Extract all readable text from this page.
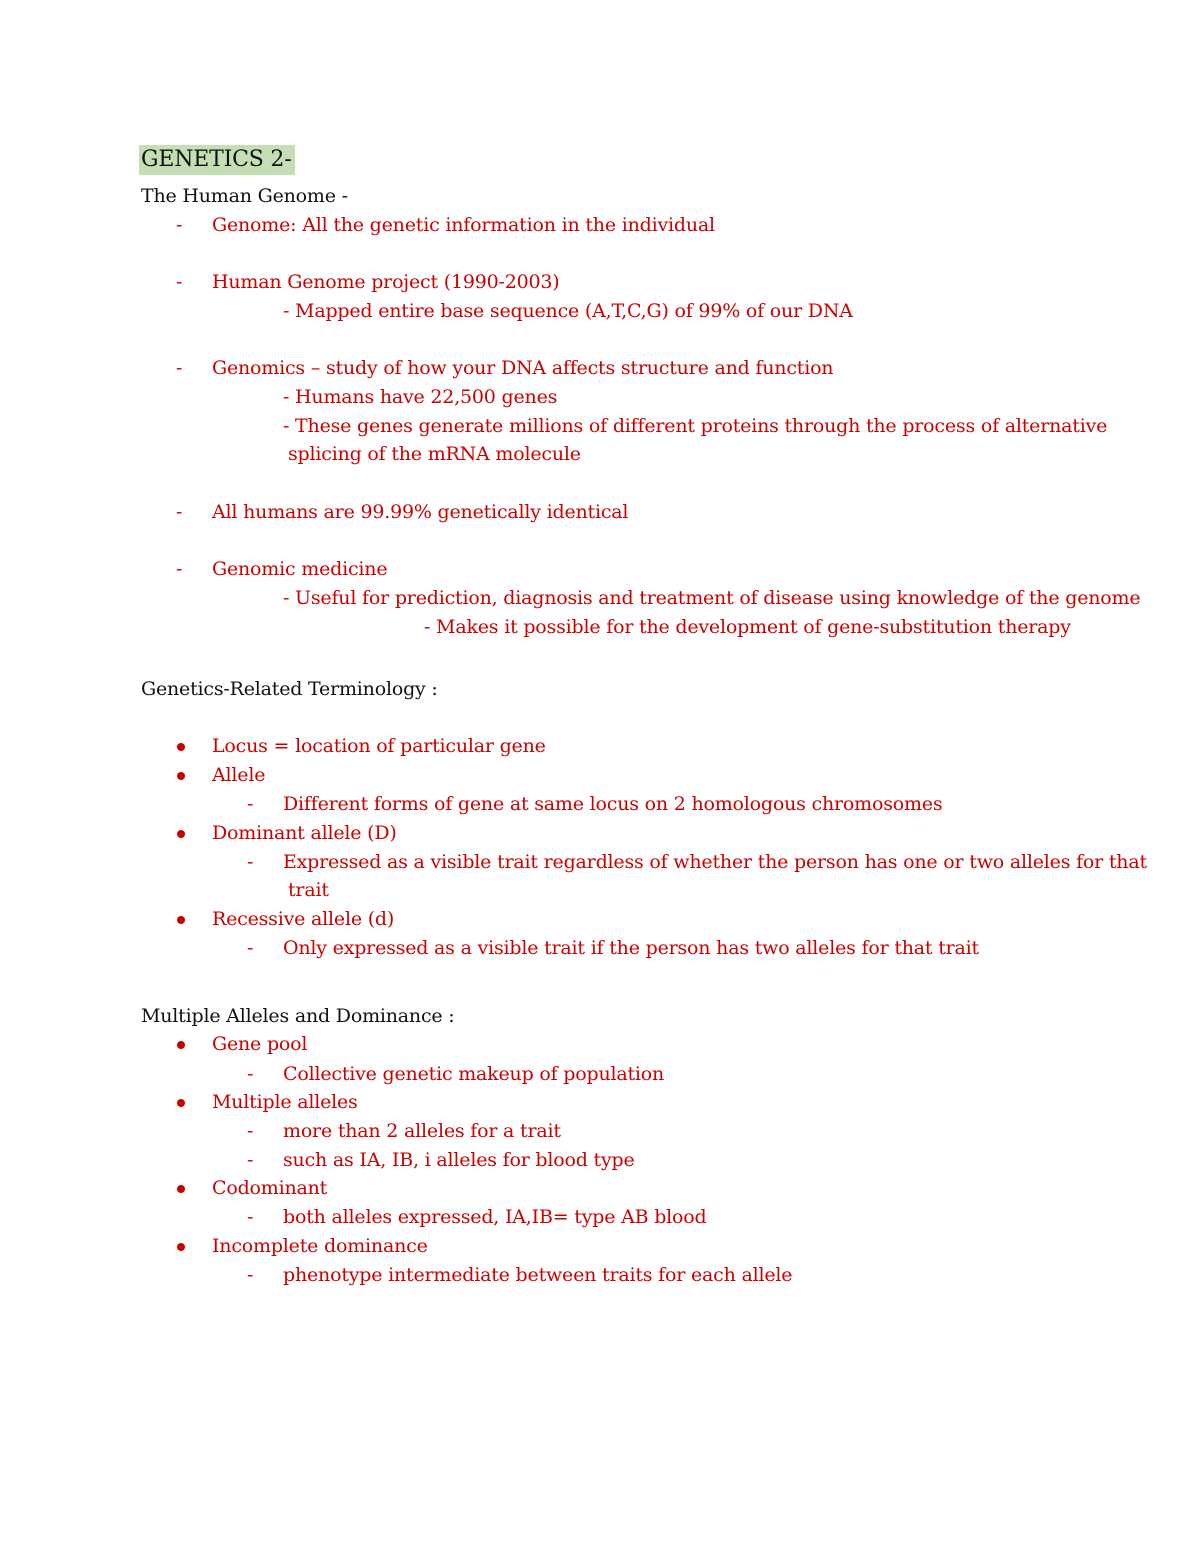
GENETICS 2-
The Human Genome -
- Genome: All the genetic information in the individual
- Human Genome project (1990-2003)
- Mapped entire base sequence (A,T,C,G) of 99% of our DNA
- Genomics – study of how your DNA affects structure and function
- Humans have 22,500 genes
- These genes generate millions of different proteins through the process of alternative
splicing of the mRNA molecule
- All humans are 99.99% genetically identical
- Genomic medicine
- Useful for prediction, diagnosis and treatment of disease using knowledge of the genome
- Makes it possible for the development of gene-substitution therapy
Genetics-Related Terminology :
Locus = location of particular gene
Allele
- Different forms of gene at same locus on 2 homologous chromosomes
Dominant allele (D)
- Expressed as a visible trait regardless of whether the person has one or two alleles for that
trait
Recessive allele (d)
- Only expressed as a visible trait if the person has two alleles for that trait
Multiple Alleles and Dominance :
Gene pool
- Collective genetic makeup of population
Multiple alleles
- more than 2 alleles for a trait
- such as IA, IB, i alleles for blood type
Codominant
- both alleles expressed, IA,IB= type AB blood
Incomplete dominance
- phenotype intermediate between traits for each allele
